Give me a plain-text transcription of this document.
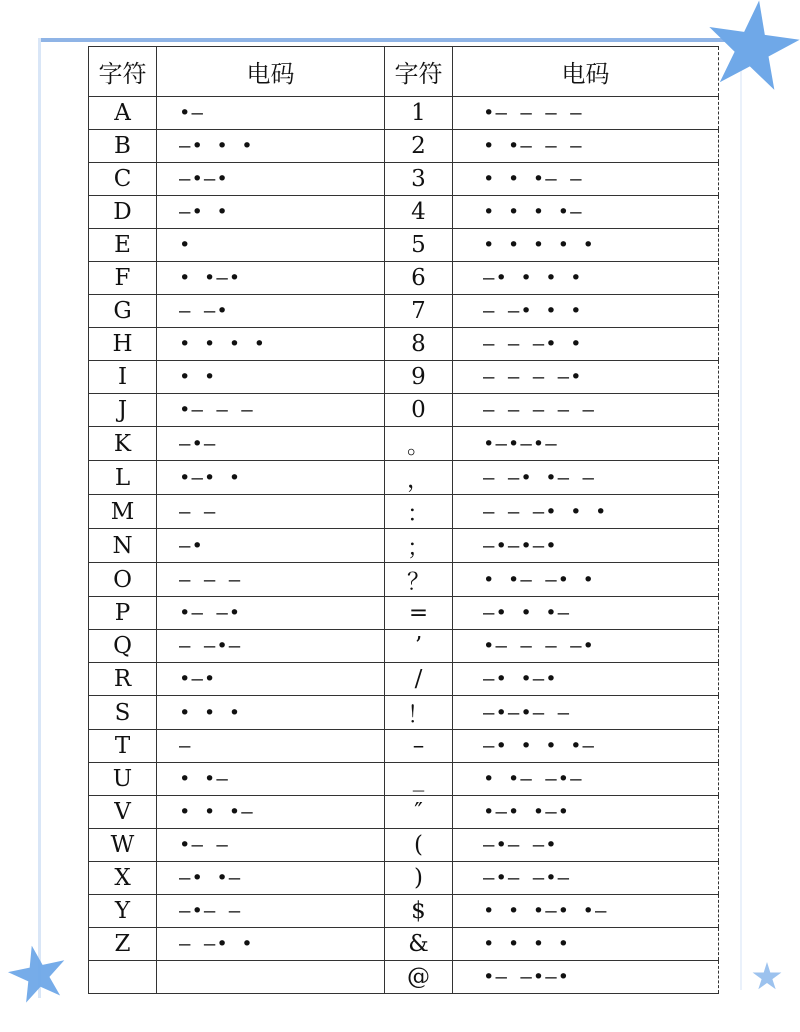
字符	电码	字符	电码
A	•—	1	•— — — —
B	—• • •	2	• •— — —
C	—•—•	3	• • •— —
D	—• •	4	• • • •—
E	•	5	• • • • •
F	• •—•	6	—• • • •
G	— —•	7	— —• • •
H	• • • •	8	— — —• •
I	• •	9	— — — —•
J	•— — —	0	— — — — —
K	—•—	。	•—•—•—
L	•—• •	，	— —• •— —
M	— —	：	— — —• • •
N	—•	；	—•—•—•
O	— — —	？	• •— —• •
P	•— —•	=	—• • •—
Q	— —•—	’	•— — — —•
R	•—•	/	—• •—•
S	• • •	！	—•—•— —
T	—	–	—• • • •—
U	• •—	_	• •— —•—
V	• • •—	″	•—• •—•
W	•— —	(	—•— —•
X	—• •—	)	—•— —•—
Y	—•— —	$	• • •—• •—
Z	— —• •	&	• • • •
		@	•— —•—•
